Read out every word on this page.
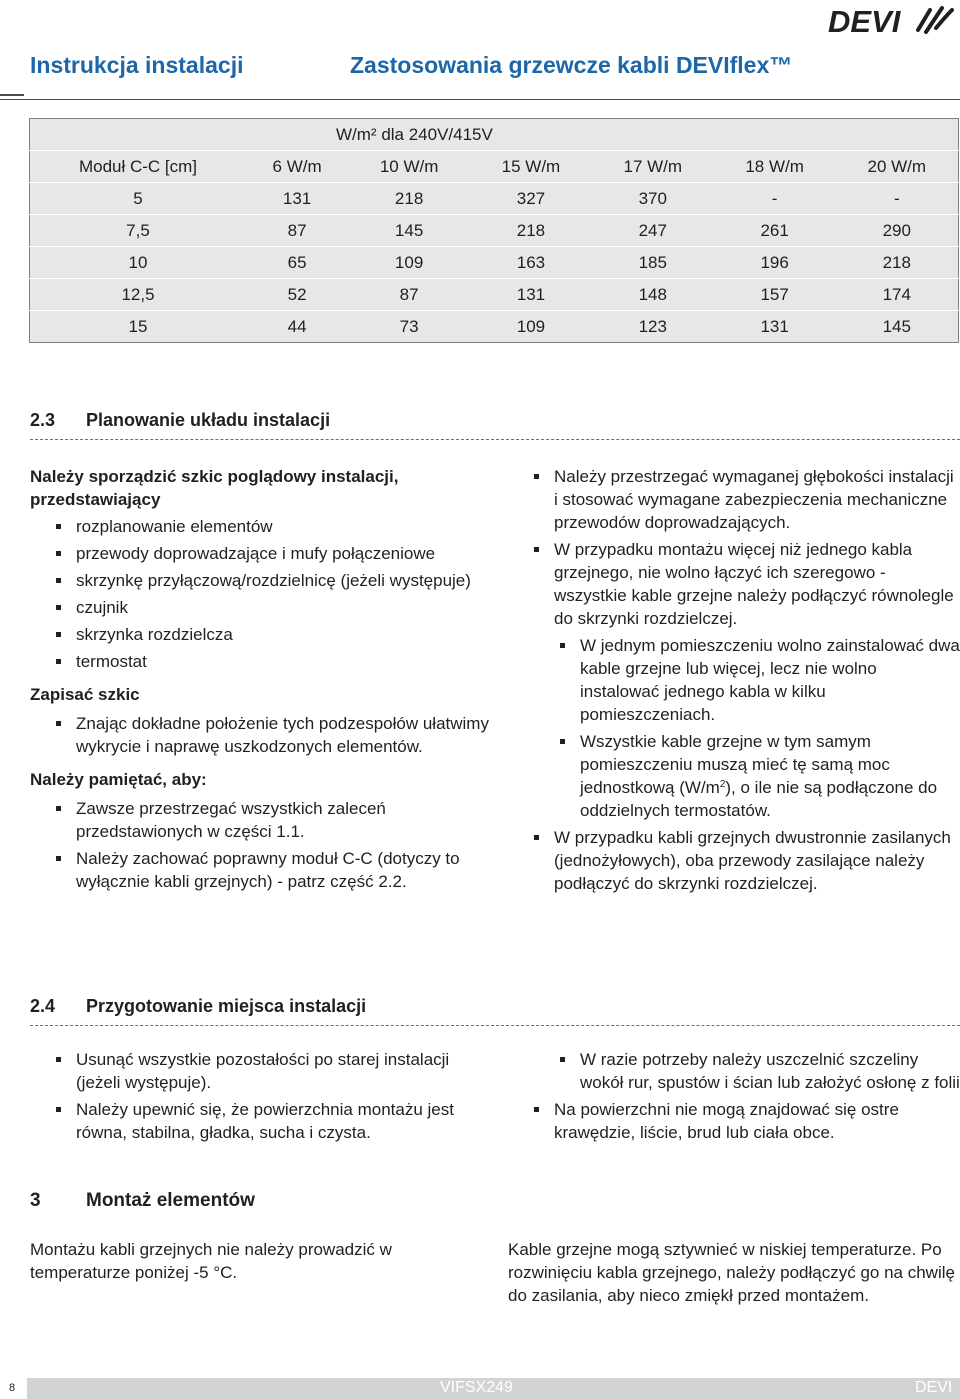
Instrukcja instalacji	Zastosowania grzewcze kabli DEVIflex™
DEVI
	W/m² dla 240V/415V					
Moduł C-C [cm]	6 W/m	10 W/m	15 W/m	17 W/m	18 W/m	20 W/m
5	131	218	327	370	-	-
7,5	87	145	218	247	261	290
10	65	109	163	185	196	218
12,5	52	87	131	148	157	174
15	44	73	109	123	131	145
2.3 Planowanie układu instalacji

Należy sporządzić szkic poglądowy instalacji, przedstawiający

rozplanowanie elementów
przewody doprowadzające i mufy połączeniowe
skrzynkę przyłączową/rozdzielnicę (jeżeli występuje)
czujnik
skrzynka rozdzielcza
termostat

Zapisać szkic

Znając dokładne położenie tych podzespołów ułatwimy wykrycie i naprawę uszkodzonych elementów.

Należy pamiętać, aby:

Zawsze przestrzegać wszystkich zaleceń przedstawionych w części 1.1.
Należy zachować poprawny moduł C-C (dotyczy to wyłącznie kabli grzejnych) - patrz część 2.2.
Należy przestrzegać wymaganej głębokości instalacji i stosować wymagane zabezpieczenia mechaniczne przewodów doprowadzających.
W przypadku montażu więcej niż jednego kabla grzejnego, nie wolno łączyć ich szeregowo - wszystkie kable grzejne należy podłączyć równolegle do skrzynki rozdzielczej.
W jednym pomieszczeniu wolno zainstalować dwa kable grzejne lub więcej, lecz nie wolno instalować jednego kabla w kilku pomieszczeniach.
Wszystkie kable grzejne w tym samym pomieszczeniu muszą mieć tę samą moc jednostkową $(W/m^2)$, o ile nie są podłączone do oddzielnych termostatów.
W przypadku kabli grzejnych dwustronnie zasilanych (jednożyłowych), oba przewody zasilające należy podłączyć do skrzynki rozdzielczej.
2.4 Przygotowanie miejsca instalacji
Usunąć wszystkie pozostałości po starej instalacji (jeżeli występuje).
Należy upewnić się, że powierzchnia montażu jest równa, stabilna, gładka, sucha i czysta.
W razie potrzeby należy uszczelnić szczeliny wokół rur, spustów i ścian lub założyć osłonę z folii
Na powierzchni nie mogą znajdować się ostre krawędzie, liście, brud lub ciała obce.
3 Montaż elementów

Montażu kabli grzejnych nie należy prowadzić w temperaturze poniżej -5 °C.

Kable grzejne mogą sztywnieć w niskiej temperaturze. Po rozwinięciu kabla grzejnego, należy podłączyć go na chwilę do zasilania, aby nieco zmiękł przed montażem.

8	VIFSX249	DEVI
